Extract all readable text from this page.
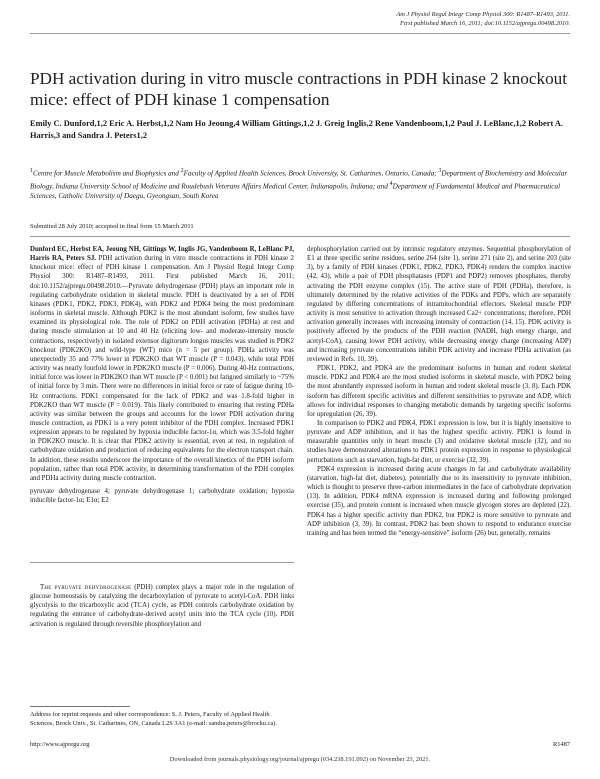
Am J Physiol Regul Integr Comp Physiol 300: R1487–R1493, 2011.
First published March 16, 2011; doi:10.1152/ajpregu.00498.2010.
PDH activation during in vitro muscle contractions in PDH kinase 2 knockout mice: effect of PDH kinase 1 compensation
Emily C. Dunford,1,2 Eric A. Herbst,1,2 Nam Ho Jeoung,4 William Gittings,1,2 J. Greig Inglis,2 Rene Vandenboom,1,2 Paul J. LeBlanc,1,2 Robert A. Harris,3 and Sandra J. Peters1,2
$^1$Centre for Muscle Metabolism and Biophysics and $^2$Faculty of Applied Health Sciences, Brock University, St. Catharines, Ontario, Canada; $^3$Department of Biochemistry and Molecular Biology, Indiana University School of Medicine and Roudebush Veterans Affairs Medical Center, Indianapolis, Indiana; and $^4$Department of Fundamental Medical and Pharmaceutical Sciences, Catholic University of Daegu, Gyeongsan, South Korea
Submitted 28 July 2010; accepted in final form 15 March 2011

Dunford EC, Herbst EA, Jeoung NH, Gittings W, Inglis JG, Vandenboom R, LeBlanc PJ, Harris RA, Peters SJ. PDH activation during in vitro muscle contractions in PDH kinase 2 knockout mice: effect of PDH kinase 1 compensation. Am J Physiol Regul Integr Comp Physiol 300: R1487–R1493, 2011. First published March 16, 2011; doi:10.1152/ajpregu.00498.2010.—Pyruvate dehydrogenase (PDH) plays an important role in regulating carbohydrate oxidation in skeletal muscle. PDH is deactivated by a set of PDH kinases (PDK1, PDK2, PDK3, PDK4), with PDK2 and PDK4 being the most predominant isoforms in skeletal muscle. Although PDK2 is the most abundant isoform, few studies have examined its physiological role. The role of PDK2 on PDH activation (PDHa) at rest and during muscle stimulation at 10 and 40 Hz (eliciting low- and moderate-intensity muscle contractions, respectively) in isolated extensor digitorum longus muscles was studied in PDK2 knockout (PDK2KO) and wild-type (WT) mice (n = 5 per group). PDHa activity was unexpectedly 35 and 77% lower in PDK2KO than WT muscle (P = 0.043), while total PDH activity was nearly fourfold lower in PDK2KO muscle (P = 0.006). During 40-Hz contractions, initial force was lower in PDK2KO than WT muscle (P < 0.001) but fatigued similarly to ~75% of initial force by 3 min. There were no differences in initial force or rate of fatigue during 10-Hz contractions. PDK1 compensated for the lack of PDK2 and was 1.8-fold higher in PDK2KO than WT muscle (P = 0.019). This likely contributed to ensuring that resting PDHa activity was similar between the groups and accounts for the lower PDH activation during muscle contraction, as PDK1 is a very potent inhibitor of the PDH complex. Increased PDK1 expression appears to be regulated by hypoxia inducible factor-1α, which was 3.5-fold higher in PDK2KO muscle. It is clear that PDK2 activity is essential, even at rest, in regulation of carbohydrate oxidation and production of reducing equivalents for the electron transport chain. In addition, these results underscore the importance of the overall kinetics of the PDH isoform population, rather than total PDK activity, in determining transformation of the PDH complex and PDHa activity during muscle contraction.

pyruvate dehydrogenase 4; pyruvate dehydrogenase 1; carbohydrate oxidation; hypoxia inducible factor-1α; E1α; E2

The pyruvate dehydrogenase (PDH) complex plays a major role in the regulation of glucose homeostasis by catalyzing the decarboxylation of pyruvate to acetyl-CoA. PDH links glycolysis to the tricarboxylic acid (TCA) cycle, as PDH controls carbohydrate oxidation by regulating the entrance of carbohydrate-derived acetyl units into the TCA cycle (10). PDH activation is regulated through reversible phosphorylation and

Address for reprint requests and other correspondence: S. J. Peters, Faculty of Applied Health Sciences, Brock Univ., St. Catharines, ON, Canada L2S 3A1 (e-mail: sandra.peters@brocku.ca).

dephosphorylation carried out by intrinsic regulatory enzymes. Sequential phosphorylation of E1 at three specific serine residues, serine 264 (site 1), serine 271 (site 2), and serine 203 (site 3), by a family of PDH kinases (PDK1, PDK2, PDK3, PDK4) renders the complex inactive (42, 43), while a pair of PDH phosphatases (PDP1 and PDP2) removes phosphates, thereby activating the PDH enzyme complex (15). The active state of PDH (PDHa), therefore, is ultimately determined by the relative activities of the PDKs and PDPs, which are separately regulated by differing concentrations of intramitochondrial effectors. Skeletal muscle PDP activity is most sensitive to activation through increased Ca2+ concentrations; therefore, PDH activation generally increases with increasing intensity of contraction (14, 15). PDK activity is positively affected by the products of the PDH reaction (NADH, high energy charge, and acetyl-CoA), causing lower PDH activity, while decreasing energy charge (increasing ADP) and increasing pyruvate concentrations inhibit PDK activity and increase PDHa activation (as reviewed in Refs. 10, 39).

PDK1, PDK2, and PDK4 are the predominant isoforms in human and rodent skeletal muscle. PDK2 and PDK4 are the most studied isoforms in skeletal muscle, with PDK2 being the most abundantly expressed isoform in human and rodent skeletal muscle (3, 8). Each PDK isoform has different specific activities and different sensitivities to pyruvate and ADP, which allows for individual responses to changing metabolic demands by targeting specific isoforms for upregulation (26, 39).

In comparison to PDK2 and PDK4, PDK1 expression is low, but it is highly insensitive to pyruvate and ADP inhibition, and it has the highest specific activity. PDK1 is found in measurable quantities only in heart muscle (3) and oxidative skeletal muscle (32), and no studies have demonstrated alterations to PDK1 protein expression in response to physiological perturbations such as starvation, high-fat diet, or exercise (32, 39).

PDK4 expression is increased during acute changes in fat and carbohydrate availability (starvation, high-fat diet, diabetes), potentially due to its insensitivity to pyruvate inhibition, which is thought to preserve three-carbon intermediates in the face of carbohydrate deprivation (13). In addition, PDK4 mRNA expression is increased during and following prolonged exercise (35), and protein content is increased when muscle glycogen stores are depleted (22). PDK4 has a higher specific activity than PDK2, but PDK2 is more sensitive to pyruvate and ADP inhibition (3, 39). In contrast, PDK2 has been shown to respond to endurance exercise training and has been termed the “energy-sensitive” isoform (26) but, generally, remains

http://www.ajpregu.org	R1487
Downloaded from journals.physiology.org/journal/ajpregu (034.238.191.092) on November 23, 2021.
